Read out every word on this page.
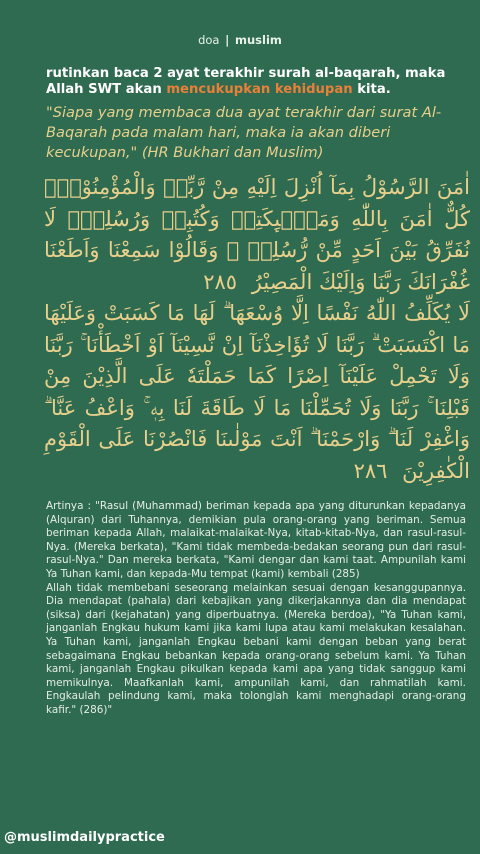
doa | muslim
rutinkan baca 2 ayat terakhir surah al-baqarah, maka Allah SWT akan mencukupkan kehidupan kita.
"Siapa yang membaca dua ayat terakhir dari surat Al-Baqarah pada malam hari, maka ia akan diberi kecukupan," (HR Bukhari dan Muslim)
اٰمَنَ الرَّسُوْلُ بِمَآ اُنْزِلَ اِلَيْهِ مِنْ رَّبِّهٖ وَالْمُؤْمِنُوْنَۗ كُلٌّ اٰمَنَ بِاللّٰهِ وَمَلٰۤىِٕكَتِهٖ وَكُتُبِهٖ وَرُسُلِهٖۗ لَا نُفَرِّقُ بَيْنَ اَحَدٍ مِّنْ رُّسُلِهٖ ۗ وَقَالُوْا سَمِعْنَا وَاَطَعْنَا غُفْرَانَكَ رَبَّنَا وَاِلَيْكَ الْمَصِيْرُ ٢٨٥
لَا يُكَلِّفُ اللّٰهُ نَفْسًا اِلَّا وُسْعَهَا ۗ لَهَا مَا كَسَبَتْ وَعَلَيْهَا مَا اكْتَسَبَتْ ۗ رَبَّنَا لَا تُؤَاخِذْنَآ اِنْ نَّسِيْنَآ اَوْ اَخْطَأْنَا ۚ رَبَّنَا وَلَا تَحْمِلْ عَلَيْنَآ اِصْرًا كَمَا حَمَلْتَهٗ عَلَى الَّذِيْنَ مِنْ قَبْلِنَا ۚ رَبَّنَا وَلَا تُحَمِّلْنَا مَا لَا طَاقَةَ لَنَا بِهٖ ۚ وَاعْفُ عَنَّا ۗ وَاغْفِرْ لَنَا ۗ وَارْحَمْنَا ۗ اَنْتَ مَوْلٰىنَا فَانْصُرْنَا عَلَى الْقَوْمِ الْكٰفِرِيْنَ ٢٨٦

Artinya : "Rasul (Muhammad) beriman kepada apa yang diturunkan kepadanya (Alquran) dari Tuhannya, demikian pula orang-orang yang beriman. Semua beriman kepada Allah, malaikat-malaikat-Nya, kitab-kitab-Nya, dan rasul-rasul-Nya. (Mereka berkata), "Kami tidak membeda-bedakan seorang pun dari rasul-rasul-Nya." Dan mereka berkata, "Kami dengar dan kami taat. Ampunilah kami Ya Tuhan kami, dan kepada-Mu tempat (kami) kembali (285)

Allah tidak membebani seseorang melainkan sesuai dengan kesanggupannya. Dia mendapat (pahala) dari kebajikan yang dikerjakannya dan dia mendapat (siksa) dari (kejahatan) yang diperbuatnya. (Mereka berdoa), "Ya Tuhan kami, janganlah Engkau hukum kami jika kami lupa atau kami melakukan kesalahan. Ya Tuhan kami, janganlah Engkau bebani kami dengan beban yang berat sebagaimana Engkau bebankan kepada orang-orang sebelum kami. Ya Tuhan kami, janganlah Engkau pikulkan kepada kami apa yang tidak sanggup kami memikulnya. Maafkanlah kami, ampunilah kami, dan rahmatilah kami. Engkaulah pelindung kami, maka tolonglah kami menghadapi orang-orang kafir." (286)"

@muslimdailypractice
